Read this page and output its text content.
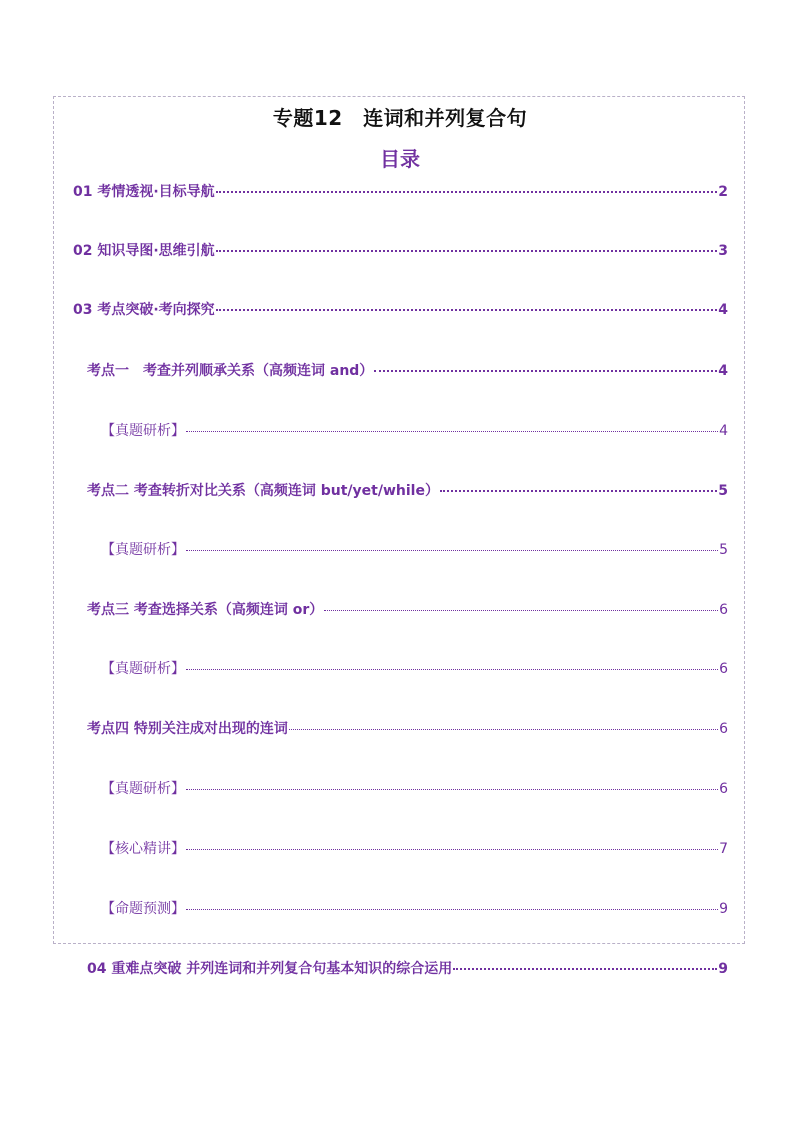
专题12　连词和并列复合句
目录
01 考情透视·目标导航	2
02 知识导图·思维引航	3
03 考点突破·考向探究	4
考点一　考查并列顺承关系（高频连词 and）	4
【真题研析】	4
考点二 考查转折对比关系（高频连词 but/yet/while）	5
【真题研析】	5
考点三 考查选择关系（高频连词 or）	6
【真题研析】	6
考点四 特别关注成对出现的连词	6
【真题研析】	6
【核心精讲】	7
【命题预测】	9
04 重难点突破 并列连词和并列复合句基本知识的综合运用	9
